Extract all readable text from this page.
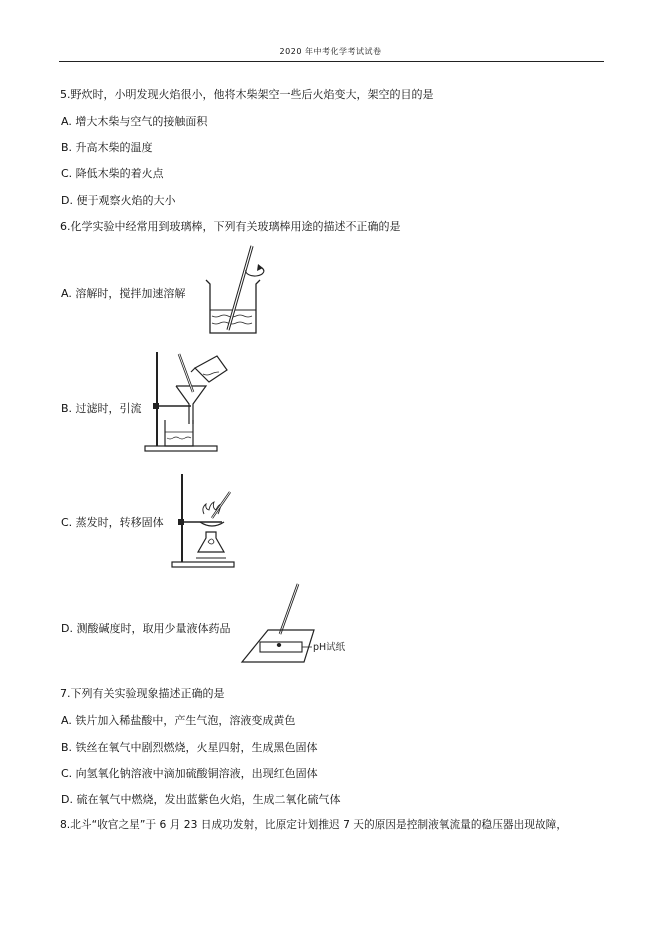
2020 年中考化学考试试卷
5.野炊时，小明发现火焰很小，他将木柴架空一些后火焰变大，架空的目的是
A. 增大木柴与空气的接触面积
B. 升高木柴的温度
C. 降低木柴的着火点
D. 便于观察火焰的大小
6.化学实验中经常用到玻璃棒，下列有关玻璃棒用途的描述不正确的是
A. 溶解时，搅拌加速溶解
B. 过滤时，引流
C. 蒸发时，转移固体
D. 测酸碱度时，取用少量液体药品
pH试纸
7.下列有关实验现象描述正确的是
A. 铁片加入稀盐酸中，产生气泡，溶液变成黄色
B. 铁丝在氧气中剧烈燃烧，火星四射，生成黑色固体
C. 向氢氧化钠溶液中滴加硫酸铜溶液，出现红色固体
D. 硫在氧气中燃烧，发出蓝紫色火焰，生成二氧化硫气体
8.北斗“收官之星”于 6 月 23 日成功发射，比原定计划推迟 7 天的原因是控制液氧流量的稳压器出现故障，
